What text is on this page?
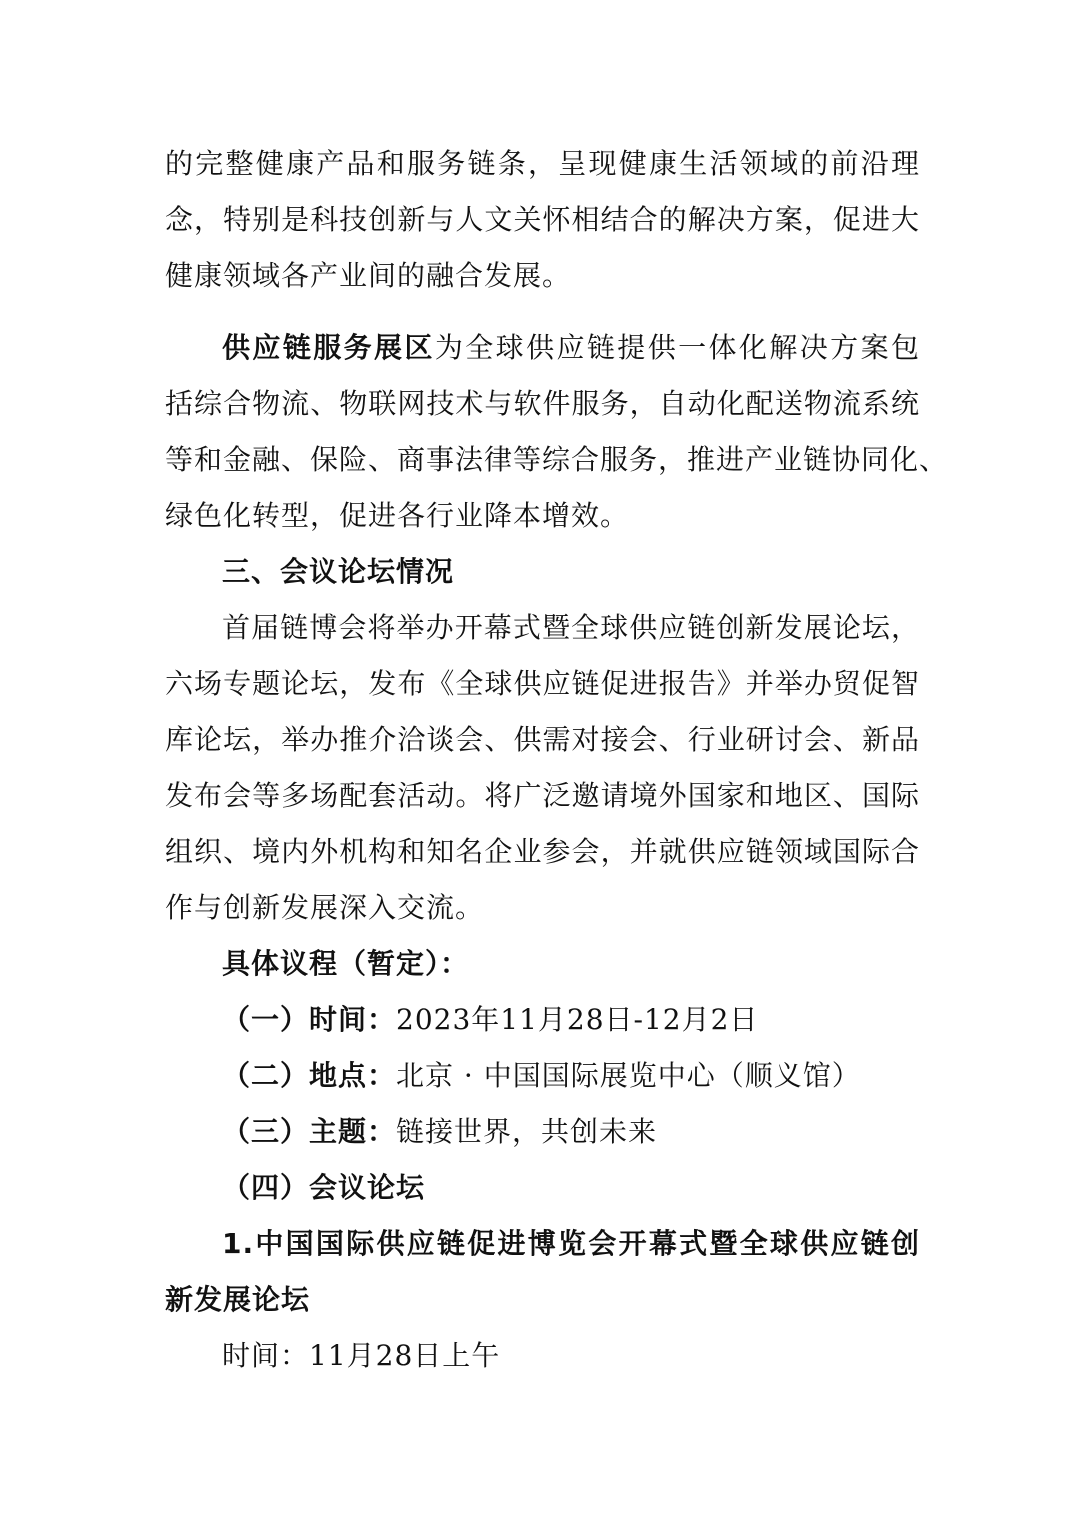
的完整健康产品和服务链条，呈现健康生活领域的前沿理
念，特别是科技创新与人文关怀相结合的解决方案，促进大
健康领域各产业间的融合发展。
供应链服务展区为全球供应链提供一体化解决方案包
括综合物流、物联网技术与软件服务，自动化配送物流系统
等和金融、保险、商事法律等综合服务，推进产业链协同化、
绿色化转型，促进各行业降本增效。
三、会议论坛情况
首届链博会将举办开幕式暨全球供应链创新发展论坛，
六场专题论坛，发布《全球供应链促进报告》并举办贸促智
库论坛，举办推介洽谈会、供需对接会、行业研讨会、新品
发布会等多场配套活动。将广泛邀请境外国家和地区、国际
组织、境内外机构和知名企业参会，并就供应链领域国际合
作与创新发展深入交流。
具体议程（暂定）：
（一）时间：2023年11月28日-12月2日
（二）地点：北京 · 中国国际展览中心（顺义馆）
（三）主题：链接世界，共创未来
（四）会议论坛
1.中国国际供应链促进博览会开幕式暨全球供应链创
新发展论坛
时间：11月28日上午
